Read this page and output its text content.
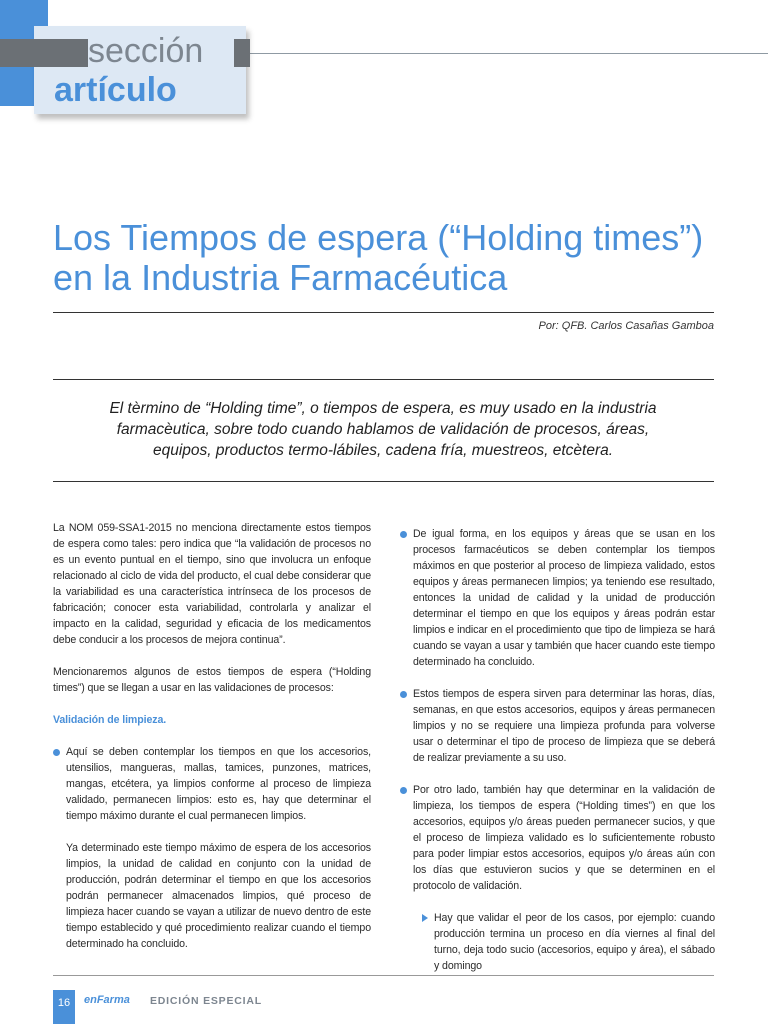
sección
artículo
Los Tiempos de espera (“Holding times”) en la Industria Farmacéutica
Por: QFB. Carlos Casañas Gamboa
El tèrmino de “Holding time”, o tiempos de espera, es muy usado en la industria farmacèutica, sobre todo cuando hablamos de validación de procesos, áreas, equipos, productos termo-lábiles, cadena fría, muestreos, etcètera.

La NOM 059-SSA1-2015 no menciona directamente estos tiempos de espera como tales: pero indica que “la validación de procesos no es un evento puntual en el tiempo, sino que involucra un enfoque relacionado al ciclo de vida del producto, el cual debe considerar que la variabilidad es una característica intrínseca de los procesos de fabricación; conocer esta variabilidad, controlarla y analizar el impacto en la calidad, seguridad y eficacia de los medicamentos debe conducir a los procesos de mejora continua”.

Mencionaremos algunos de estos tiempos de espera (“Holding times”) que se llegan a usar en las validaciones de procesos:

Validación de limpieza.

Aquí se deben contemplar los tiempos en que los accesorios, utensilios, mangueras, mallas, tamices, punzones, matrices, mangas, etcétera, ya limpios conforme al proceso de limpieza validado, permanecen limpios: esto es, hay que determinar el tiempo máximo durante el cual permanecen limpios.

Ya determinado este tiempo máximo de espera de los accesorios limpios, la unidad de calidad en conjunto con la unidad de producción, podrán determinar el tiempo en que los accesorios podrán permanecer almacenados limpios, qué proceso de limpieza hacer cuando se vayan a utilizar de nuevo dentro de este tiempo establecido y qué procedimiento realizar cuando el tiempo determinado ha concluido.

De igual forma, en los equipos y áreas que se usan en los procesos farmacéuticos se deben contemplar los tiempos máximos en que posterior al proceso de limpieza validado, estos equipos y áreas permanecen limpios; ya teniendo ese resultado, entonces la unidad de calidad y la unidad de producción determinar el tiempo en que los equipos y áreas podrán estar limpios e indicar en el procedimiento que tipo de limpieza se hará cuando se vayan a usar y también que hacer cuando este tiempo determinado ha concluido.

Estos tiempos de espera sirven para determinar las horas, días, semanas, en que estos accesorios, equipos y áreas permanecen limpios y no se requiere una limpieza profunda para volverse usar o determinar el tipo de proceso de limpieza que se deberá de realizar previamente a su uso.

Por otro lado, también hay que determinar en la validación de limpieza, los tiempos de espera (“Holding times”) en que los accesorios, equipos y/o áreas pueden permanecer sucios, y que el proceso de limpieza validado es lo suficientemente robusto para poder limpiar estos accesorios, equipos y/o áreas aún con los días que estuvieron sucios y que se determinen en el protocolo de validación.

Hay que validar el peor de los casos, por ejemplo: cuando producción termina un proceso en día viernes al final del turno, deja todo sucio (accesorios, equipo y área), el sábado y domingo

16	enFarma EDICIÓN ESPECIAL
